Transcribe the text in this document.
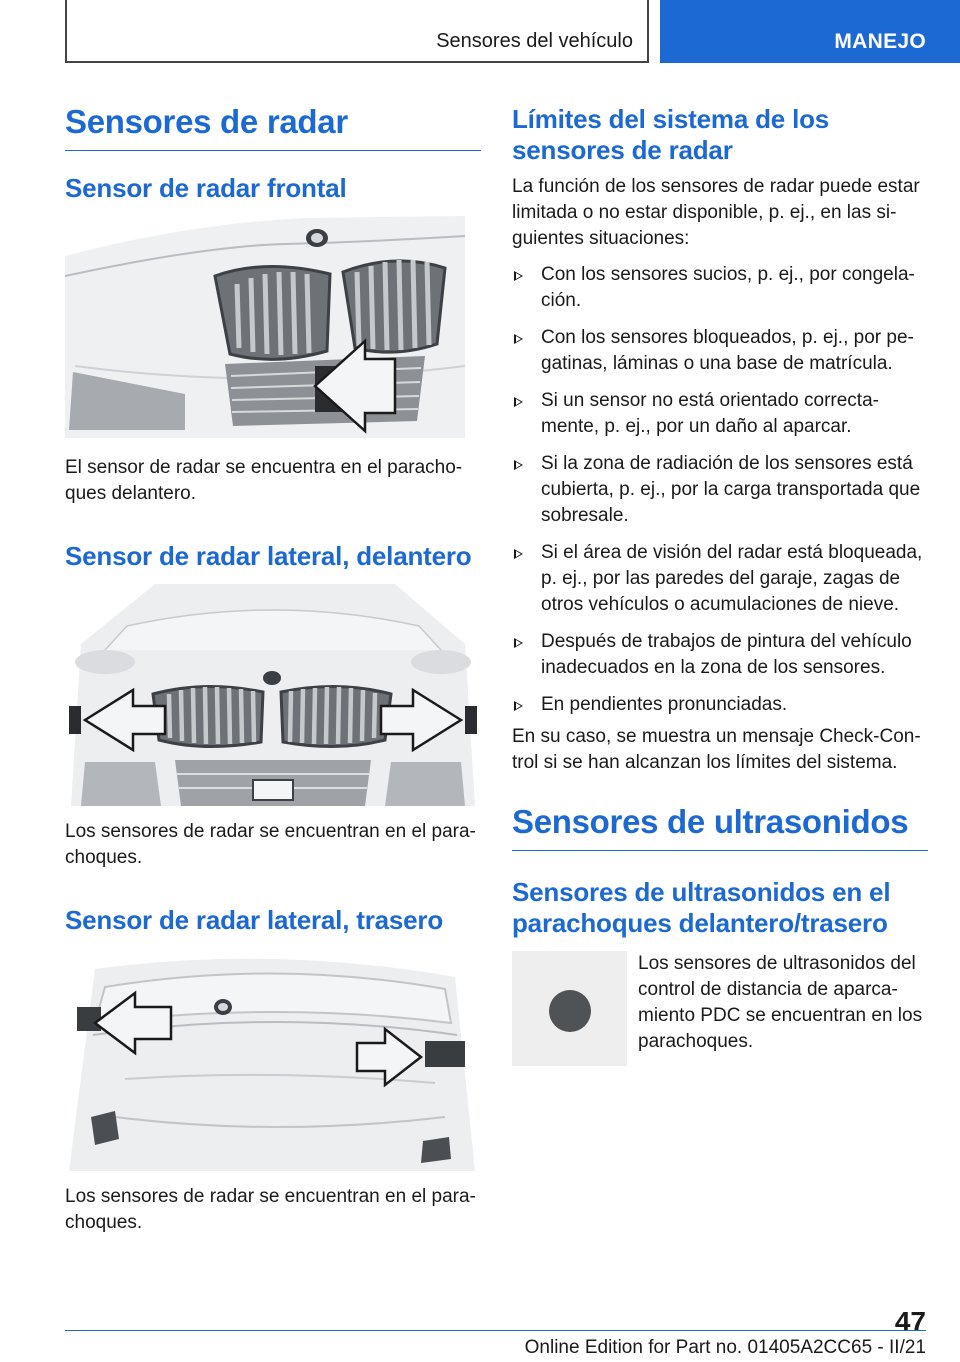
Sensores del vehículo	MANEJO
Sensores de radar
Sensor de radar frontal

El sensor de radar se encuentra en el paracho-ques delantero.

Sensor de radar lateral, delantero

Los sensores de radar se encuentran en el para-choques.

Sensor de radar lateral, trasero

Los sensores de radar se encuentran en el para-choques.

Límites del sistema de los sensores de radar

La función de los sensores de radar puede estar limitada o no estar disponible, p. ej., en las si-guientes situaciones:

Con los sensores sucios, p. ej., por congela-ción.
Con los sensores bloqueados, p. ej., por pe-gatinas, láminas o una base de matrícula.
Si un sensor no está orientado correcta-mente, p. ej., por un daño al aparcar.
Si la zona de radiación de los sensores está cubierta, p. ej., por la carga transportada que sobresale.
Si el área de visión del radar está bloqueada, p. ej., por las paredes del garaje, zagas de otros vehículos o acumulaciones de nieve.
Después de trabajos de pintura del vehículo inadecuados en la zona de los sensores.
En pendientes pronunciadas.

En su caso, se muestra un mensaje Check-Con-trol si se han alcanzan los límites del sistema.

Sensores de ultrasonidos
Sensores de ultrasonidos en el parachoques delantero/trasero

Los sensores de ultrasonidos del control de distancia de aparca-miento PDC se encuentran en los parachoques.

47
Online Edition for Part no. 01405A2CC65 - II/21
